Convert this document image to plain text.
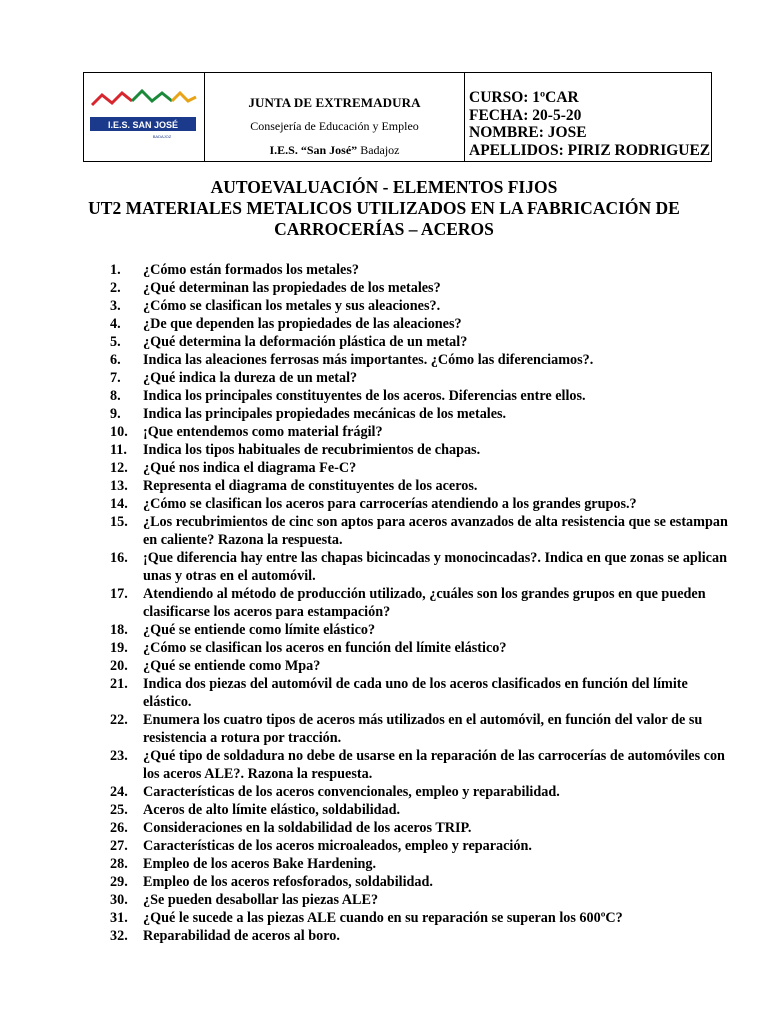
I.E.S. SAN JOSÉ
BADAJOZ
JUNTA DE EXTREMADURA
Consejería de Educación y Empleo
I.E.S. “San José” Badajoz
CURSO: 1ºCAR
FECHA: 20-5-20
NOMBRE: JOSE
APELLIDOS: PIRIZ RODRIGUEZ
AUTOEVALUACIÓN - ELEMENTOS FIJOS
UT2 MATERIALES METALICOS UTILIZADOS EN LA FABRICACIÓN DE
CARROCERÍAS – ACEROS
1.	¿Cómo están formados los metales?
2.	¿Qué determinan las propiedades de los metales?
3.	¿Cómo se clasifican los metales y sus aleaciones?.
4.	¿De que dependen las propiedades de las aleaciones?
5.	¿Qué determina la deformación plástica de un metal?
6.	Indica las aleaciones ferrosas más importantes. ¿Cómo las diferenciamos?.
7.	¿Qué indica la dureza de un metal?
8.	Indica los principales constituyentes de los aceros. Diferencias entre ellos.
9.	Indica las principales propiedades mecánicas de los metales.
10.	¡Que entendemos como material frágil?
11.	Indica los tipos habituales de recubrimientos de chapas.
12.	¿Qué nos indica el diagrama Fe-C?
13.	Representa el diagrama de constituyentes de los aceros.
14.	¿Cómo se clasifican los aceros para carrocerías atendiendo a los grandes grupos.?
15.	¿Los recubrimientos de cinc son aptos para aceros avanzados de alta resistencia que se estampan en caliente? Razona la respuesta.
16.	¡Que diferencia hay entre las chapas bicincadas y monocincadas?. Indica en que zonas se aplican unas y otras en el automóvil.
17.	Atendiendo al método de producción utilizado, ¿cuáles son los grandes grupos en que pueden clasificarse los aceros para estampación?
18.	¿Qué se entiende como límite elástico?
19.	¿Cómo se clasifican los aceros en función del límite elástico?
20.	¿Qué se entiende como Mpa?
21.	Indica dos piezas del automóvil de cada uno de los aceros clasificados en función del límite elástico.
22.	Enumera los cuatro tipos de aceros más utilizados en el automóvil, en función del valor de su resistencia a rotura por tracción.
23.	¿Qué tipo de soldadura no debe de usarse en la reparación de las carrocerías de automóviles con los aceros ALE?. Razona la respuesta.
24.	Características de los aceros convencionales, empleo y reparabilidad.
25.	Aceros de alto límite elástico, soldabilidad.
26.	Consideraciones en la soldabilidad de los aceros TRIP.
27.	Características de los aceros microaleados, empleo y reparación.
28.	Empleo de los aceros Bake Hardening.
29.	Empleo de los aceros refosforados, soldabilidad.
30.	¿Se pueden desabollar las piezas ALE?
31.	¿Qué le sucede a las piezas ALE cuando en su reparación se superan los 600ºC?
32.	Reparabilidad de aceros al boro.
